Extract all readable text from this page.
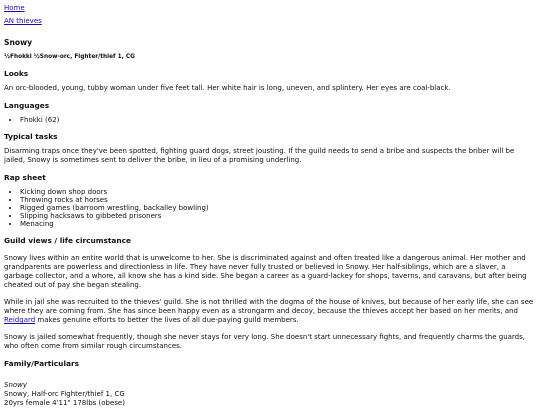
Home
AN thieves
Snowy
½Fhokki ½Snow-orc, Fighter/thief 1, CG
Looks

An orc-blooded, young, tubby woman under five feet tall. Her white hair is long, uneven, and splintery. Her eyes are coal-black.

Languages
• Fhokki (62)
Typical tasks

Disarming traps once they've been spotted, fighting guard dogs, street jousting. If the guild needs to send a bribe and suspects the briber will be jailed, Snowy is sometimes sent to deliver the bribe, in lieu of a promising underling.

Rap sheet
• Kicking down shop doors
• Throwing rocks at horses
• Rigged games (barroom wrestling, backalley bowling)
• Slipping hacksaws to gibbeted prisoners
• Menacing
Guild views / life circumstance

Snowy lives within an entire world that is unwelcome to her. She is discriminated against and often treated like a dangerous animal. Her mother and grandparents are powerless and directionless in life. They have never fully trusted or believed in Snowy. Her half-siblings, which are a slaver, a garbage collector, and a whore, all know she has a kind side. She began a career as a guard-lackey for shops, taverns, and caravans, but after being cheated out of pay she began stealing.

While in jail she was recruited to the thieves' guild. She is not thrilled with the dogma of the house of knives, but because of her early life, she can see where they are coming from. She has since been happy even as a strongarm and decoy, because the thieves accept her based on her merits, and Reidgard makes genuine efforts to better the lives of all due-paying guild members.

Snowy is jailed somewhat frequently, though she never stays for very long. She doesn't start unnecessary fights, and frequently charms the guards, who often come from similar rough circumstances.

Family/Particulars

Snowy

Snowy, Half-orc Fighter/thief 1, CG

20yrs female 4'11" 178lbs (obese)
